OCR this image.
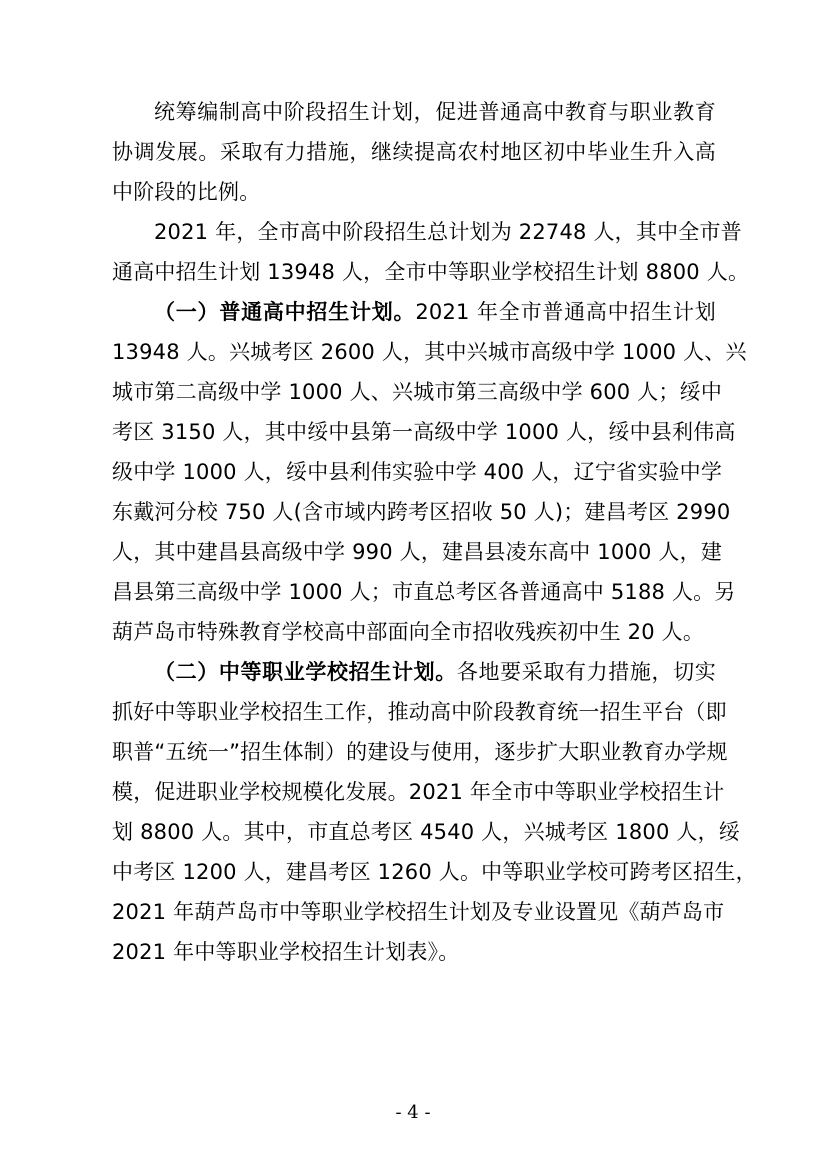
统筹编制高中阶段招生计划，促进普通高中教育与职业教育
协调发展。采取有力措施，继续提高农村地区初中毕业生升入高
中阶段的比例。
2021 年，全市高中阶段招生总计划为 22748 人，其中全市普
通高中招生计划 13948 人，全市中等职业学校招生计划 8800 人。
（一）普通高中招生计划。2021 年全市普通高中招生计划
13948 人。兴城考区 2600 人，其中兴城市高级中学 1000 人、兴
城市第二高级中学 1000 人、兴城市第三高级中学 600 人；绥中
考区 3150 人，其中绥中县第一高级中学 1000 人，绥中县利伟高
级中学 1000 人，绥中县利伟实验中学 400 人，辽宁省实验中学
东戴河分校 750 人(含市域内跨考区招收 50 人)；建昌考区 2990
人，其中建昌县高级中学 990 人，建昌县凌东高中 1000 人，建
昌县第三高级中学 1000 人；市直总考区各普通高中 5188 人。另
葫芦岛市特殊教育学校高中部面向全市招收残疾初中生 20 人。
（二）中等职业学校招生计划。各地要采取有力措施，切实
抓好中等职业学校招生工作，推动高中阶段教育统一招生平台（即
职普“五统一”招生体制）的建设与使用，逐步扩大职业教育办学规
模，促进职业学校规模化发展。2021 年全市中等职业学校招生计
划 8800 人。其中，市直总考区 4540 人，兴城考区 1800 人，绥
中考区 1200 人，建昌考区 1260 人。中等职业学校可跨考区招生，
2021 年葫芦岛市中等职业学校招生计划及专业设置见《葫芦岛市
2021 年中等职业学校招生计划表》。
- 4 -
